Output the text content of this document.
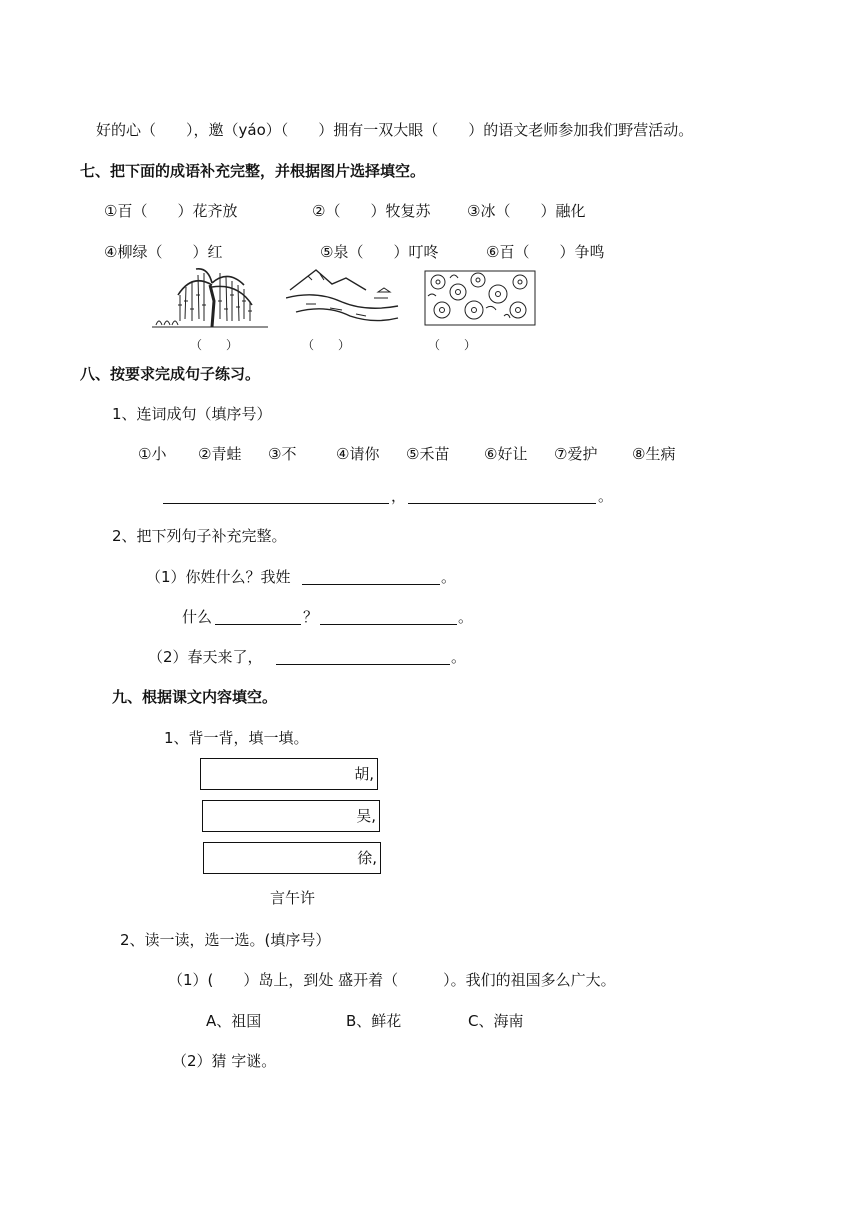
好的心（　　），邀（yáo）（　　）拥有一双大眼（　　）的语文老师参加我们野营活动。
七、把下面的成语补充完整，并根据图片选择填空。
①百（　　）花齐放	②（　　）牧复苏 ③冰（　　）融化
④柳绿（　　）红	⑤泉（　　）叮咚	⑥百（　　）争鸣
（　　）	（　　）	（　　）
八、按要求完成句子练习。
1、连词成句（填序号）
①小 ②青蛙 ③不	④请你 ⑤禾苗 ⑥好让 ⑦爱护 ⑧生病
，	。
2、把下列句子补充完整。
（1）你姓什么？我姓	。
什么	？	。
（2）春天来了，	。
九、根据课文内容填空。
1、背一背，填一填。
胡,
吴,
徐,
言午许
2、读一读，选一选。(填序号）
（1）(　　）岛上，到处 盛开着（　　　）。我们的祖国多么广大。
A、祖国	B、鲜花	C、海南
（2）猜 字谜。
